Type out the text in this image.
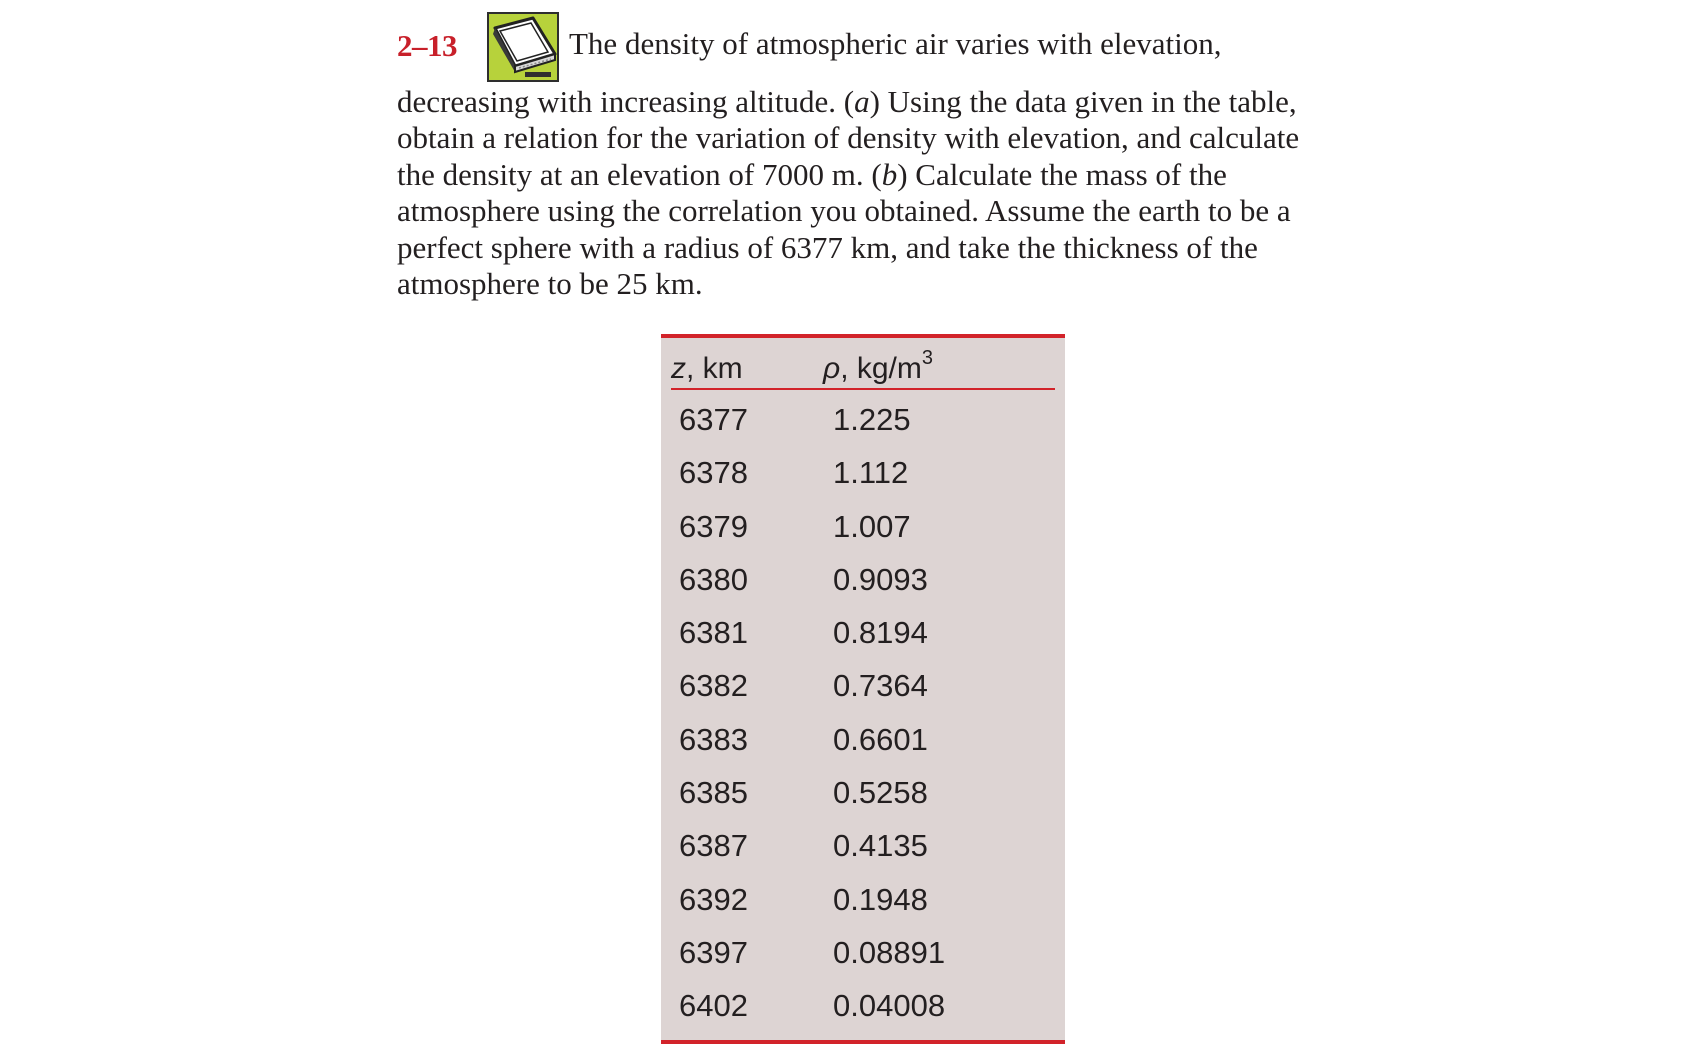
2–13	The density of atmospheric air varies with elevation,
decreasing with increasing altitude. (a) Using the data given in the table,
obtain a relation for the variation of density with elevation, and calculate
the density at an elevation of 7000 m. (b) Calculate the mass of the
atmosphere using the correlation you obtained. Assume the earth to be a
perfect sphere with a radius of 6377 km, and take the thickness of the
atmosphere to be 25 km.
z, km	ρ, $kg/m^3$
6377	1.225
6378	1.112
6379	1.007
6380	0.9093
6381	0.8194
6382	0.7364
6383	0.6601
6385	0.5258
6387	0.4135
6392	0.1948
6397	0.08891
6402	0.04008
